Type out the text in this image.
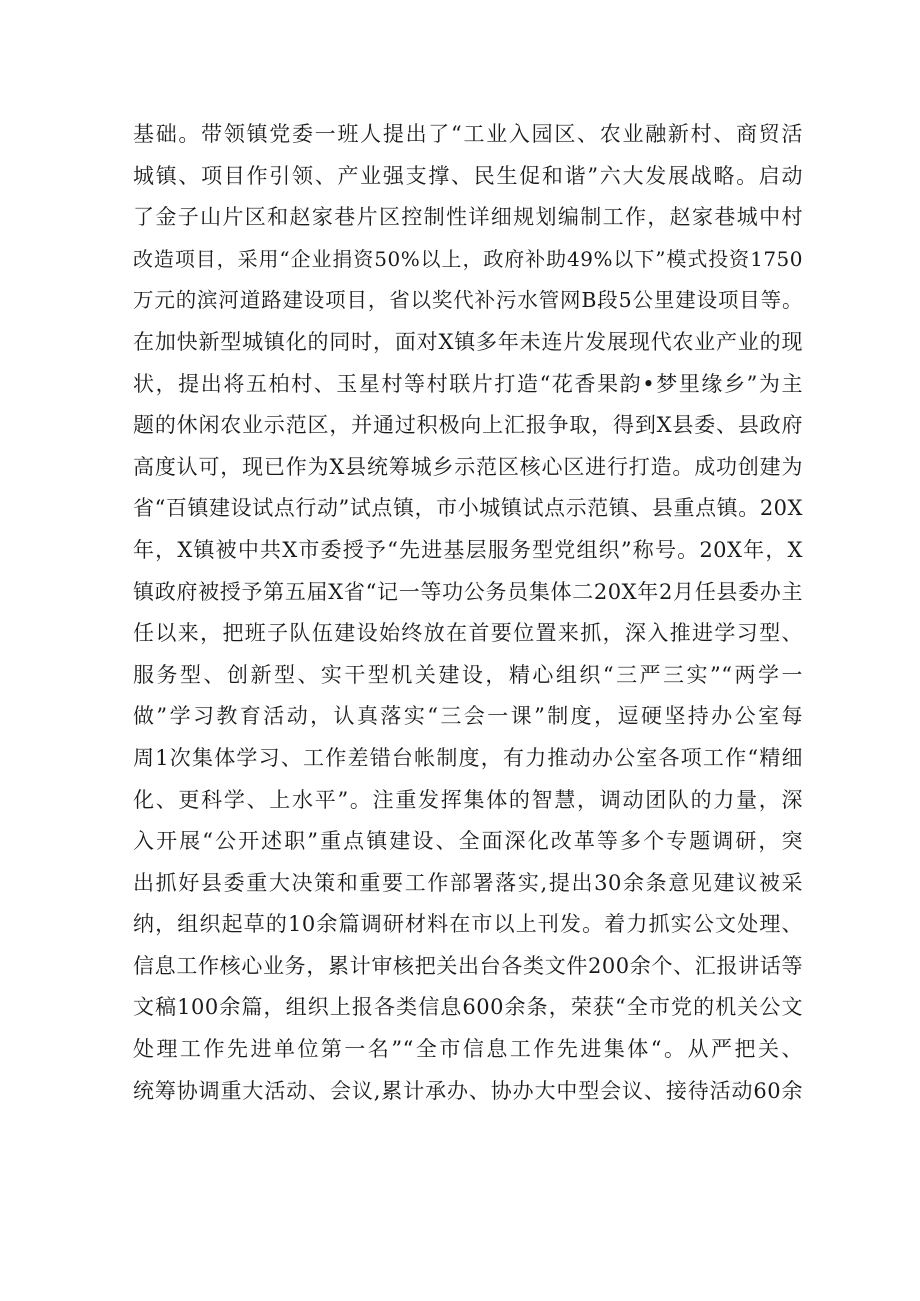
基础。带领镇党委一班人提出了“工业入园区、农业融新村、商贸活
城镇、项目作引领、产业强支撑、民生促和谐”六大发展战略。启动
了金子山片区和赵家巷片区控制性详细规划编制工作，赵家巷城中村
改造项目，采用“企业捐资50%以上，政府补助49%以下”模式投资1750
万元的滨河道路建设项目，省以奖代补污水管网B段5公里建设项目等。
在加快新型城镇化的同时，面对X镇多年未连片发展现代农业产业的现
状，提出将五柏村、玉星村等村联片打造“花香果韵•梦里缘乡”为主
题的休闲农业示范区，并通过积极向上汇报争取，得到X县委、县政府
高度认可，现已作为X县统筹城乡示范区核心区进行打造。成功创建为
省“百镇建设试点行动”试点镇，市小城镇试点示范镇、县重点镇。20X
年，X镇被中共X市委授予“先进基层服务型党组织”称号。20X年，X
镇政府被授予第五届X省“记一等功公务员集体二20X年2月任县委办主
任以来，把班子队伍建设始终放在首要位置来抓，深入推进学习型、
服务型、创新型、实干型机关建设，精心组织“三严三实”“两学一
做”学习教育活动，认真落实“三会一课”制度，逗硬坚持办公室每
周1次集体学习、工作差错台帐制度，有力推动办公室各项工作“精细
化、更科学、上水平”。注重发挥集体的智慧，调动团队的力量，深
入开展“公开述职”重点镇建设、全面深化改革等多个专题调研，突
出抓好县委重大决策和重要工作部署落实,提出30余条意见建议被采
纳，组织起草的10余篇调研材料在市以上刊发。着力抓实公文处理、
信息工作核心业务，累计审核把关出台各类文件200余个、汇报讲话等
文稿100余篇，组织上报各类信息600余条，荣获“全市党的机关公文
处理工作先进单位第一名”“全市信息工作先进集体“。从严把关、
统筹协调重大活动、会议,累计承办、协办大中型会议、接待活动60余
